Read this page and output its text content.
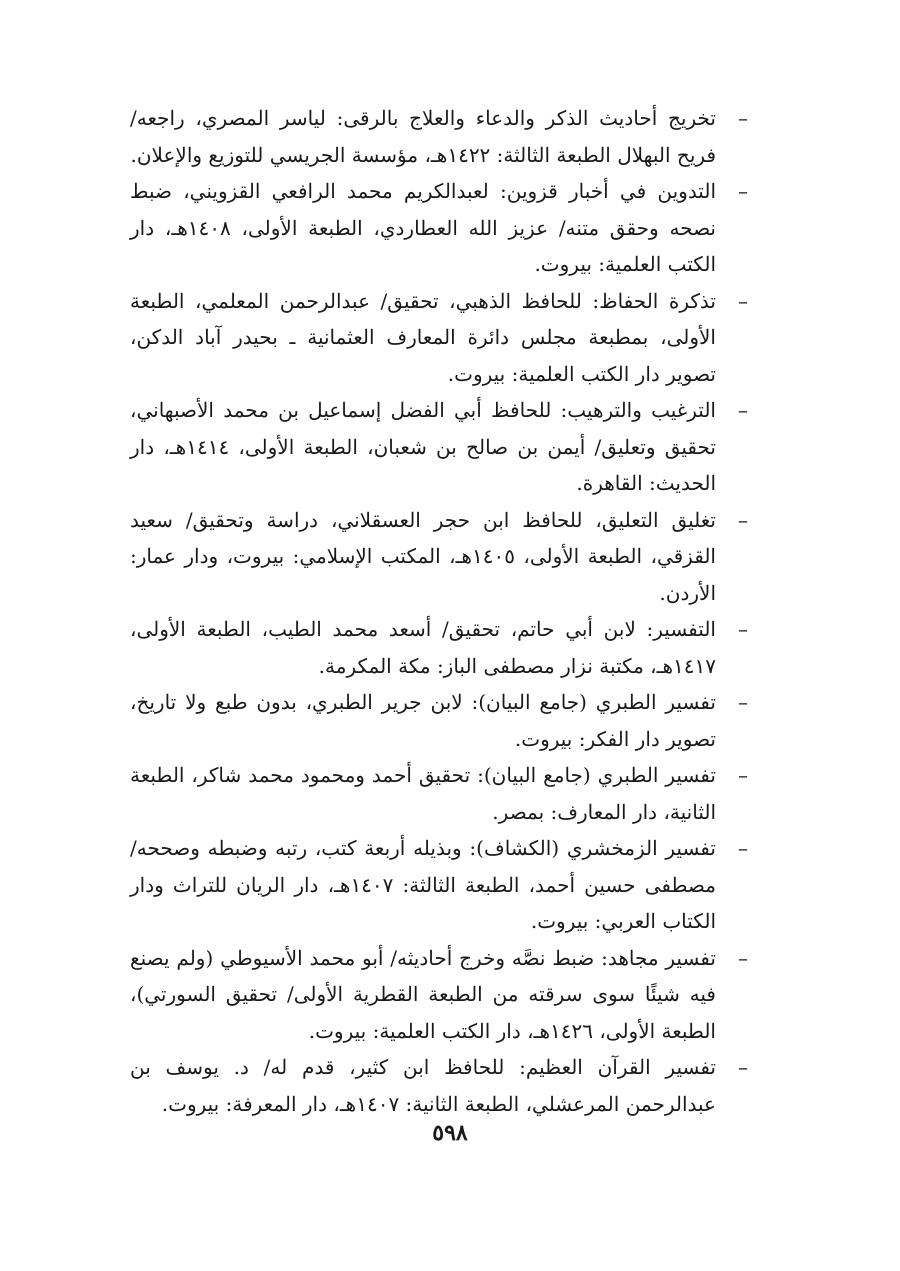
–
تخريج أحاديث الذكر والدعاء والعلاج بالرقى: لياسر المصري، راجعه/ فريح البهلال الطبعة الثالثة: ١٤٢٢هـ، مؤسسة الجريسي للتوزيع والإعلان.
–
التدوين في أخبار قزوين: لعبدالكريم محمد الرافعي القزويني، ضبط نصحه وحقق متنه/ عزيز الله العطاردي، الطبعة الأولى، ١٤٠٨هـ، دار الكتب العلمية: بيروت.
–
تذكرة الحفاظ: للحافظ الذهبي، تحقيق/ عبدالرحمن المعلمي، الطبعة الأولى، بمطبعة مجلس دائرة المعارف العثمانية ـ بحيدر آباد الدكن، تصوير دار الكتب العلمية: بيروت.
–
الترغيب والترهيب: للحافظ أبي الفضل إسماعيل بن محمد الأصبهاني، تحقيق وتعليق/ أيمن بن صالح بن شعبان، الطبعة الأولى، ١٤١٤هـ، دار الحديث: القاهرة.
–
تغليق التعليق، للحافظ ابن حجر العسقلاني، دراسة وتحقيق/ سعيد القزقي، الطبعة الأولى، ١٤٠٥هـ، المكتب الإسلامي: بيروت، ودار عمار: الأردن.
–
التفسير: لابن أبي حاتم، تحقيق/ أسعد محمد الطيب، الطبعة الأولى، ١٤١٧هـ، مكتبة نزار مصطفى الباز: مكة المكرمة.
–
تفسير الطبري (جامع البيان): لابن جرير الطبري، بدون طبع ولا تاريخ، تصوير دار الفكر: بيروت.
–
تفسير الطبري (جامع البيان): تحقيق أحمد ومحمود محمد شاكر، الطبعة الثانية، دار المعارف: بمصر.
–
تفسير الزمخشري (الكشاف): وبذيله أربعة كتب، رتبه وضبطه وصححه/ مصطفى حسين أحمد، الطبعة الثالثة: ١٤٠٧هـ، دار الريان للتراث ودار الكتاب العربي: بيروت.
–
تفسير مجاهد: ضبط نصَّه وخرج أحاديثه/ أبو محمد الأسيوطي (ولم يصنع فيه شيئًا سوى سرقته من الطبعة القطرية الأولى/ تحقيق السورتي)، الطبعة الأولى، ١٤٢٦هـ، دار الكتب العلمية: بيروت.
–
تفسير القرآن العظيم: للحافظ ابن كثير، قدم له/ د. يوسف بن عبدالرحمن المرعشلي، الطبعة الثانية: ١٤٠٧هـ، دار المعرفة: بيروت.
٥٩٨
